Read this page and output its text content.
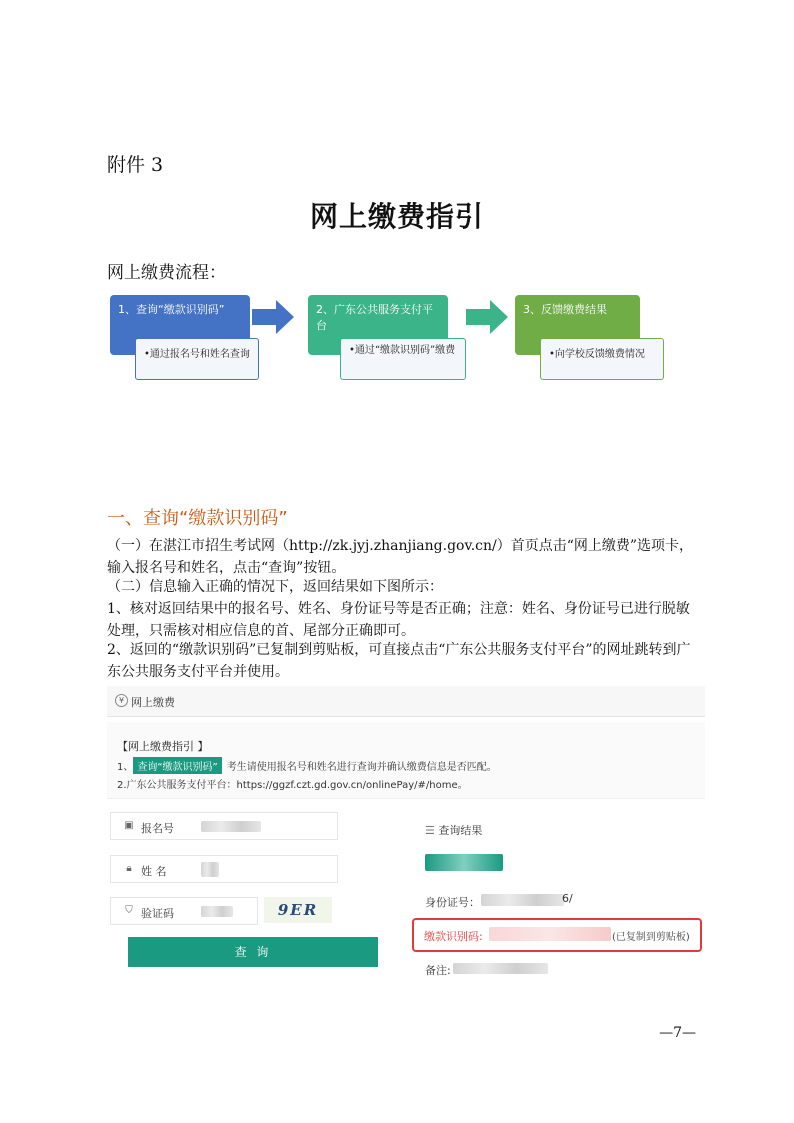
附件 3
网上缴费指引
网上缴费流程：
1、查询“缴款识别码”
•通过报名号和姓名查询
2、广东公共服务支付平台
•通过“缴款识别码”缴费
3、反馈缴费结果
•向学校反馈缴费情况
一、查询“缴款识别码”
（一）在湛江市招生考试网（http://zk.jyj.zhanjiang.gov.cn/）首页点击“网上缴费”选项卡，输入报名号和姓名，点击“查询”按钮。
（二）信息输入正确的情况下，返回结果如下图所示：
1、核对返回结果中的报名号、姓名、身份证号等是否正确；注意：姓名、身份证号已进行脱敏处理，只需核对相应信息的首、尾部分正确即可。
2、返回的“缴款识别码”已复制到剪贴板，可直接点击“广东公共服务支付平台”的网址跳转到广东公共服务支付平台并使用。
¥ 网上缴费
【网上缴费指引 】
1、 查询“缴款识别码” 考生请使用报名号和姓名进行查询并确认缴费信息是否匹配。
2.广东公共服务支付平台：https://ggzf.czt.gd.gov.cn/onlinePay/#/home。
▣ 报名号
🔒︎ 姓 名
⛉ 验证码	9ER
查 询
☰ 查询结果
身份证号：	6/
缴款识别码:	(已复制到剪贴板)
备注:
—7—
